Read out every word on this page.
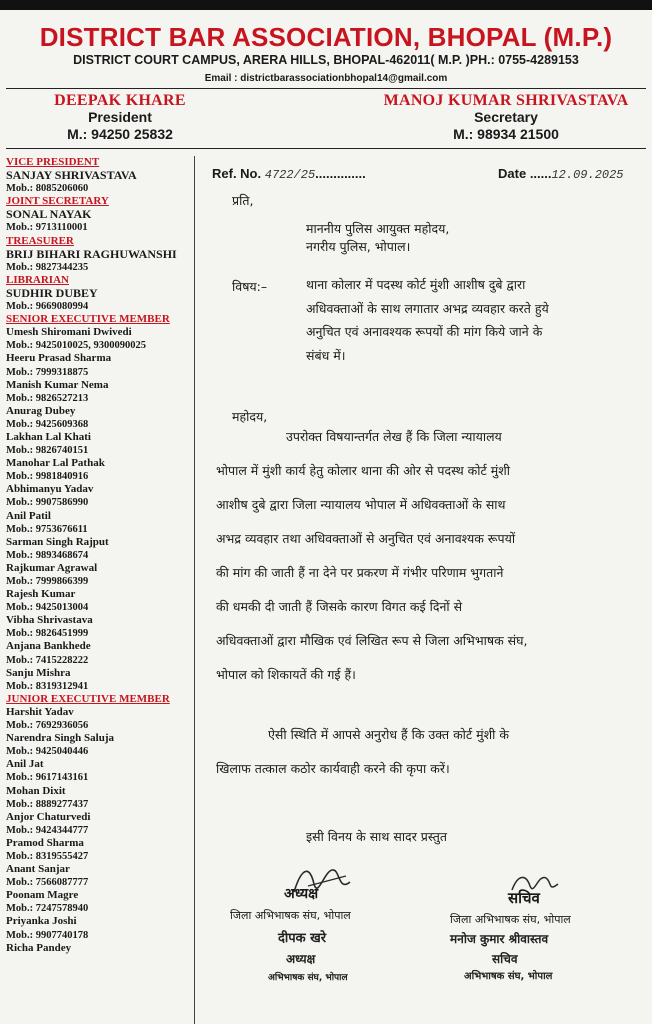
DISTRICT BAR ASSOCIATION, BHOPAL (M.P.)
DISTRICT COURT CAMPUS, ARERA HILLS, BHOPAL-462011( M.P. )PH.: 0755-4289153
Email : districtbarassociationbhopal14@gmail.com
DEEPAK KHARE
President
M.: 94250 25832
MANOJ KUMAR SHRIVASTAVA
Secretary
M.: 98934 21500
VICE PRESIDENT
SANJAY SHRIVASTAVA
Mob.: 8085206060
JOINT SECRETARY
SONAL NAYAK
Mob.: 9713110001
TREASURER
BRIJ BIHARI RAGHUWANSHI
Mob.: 9827344235
LIBRARIAN
SUDHIR DUBEY
Mob.: 9669080994
SENIOR EXECUTIVE MEMBER
Umesh Shiromani Dwivedi
Mob.: 9425010025, 9300090025
Heeru Prasad Sharma
Mob.: 7999318875
Manish Kumar Nema
Mob.: 9826527213
Anurag Dubey
Mob.: 9425609368
Lakhan Lal Khati
Mob.: 9826740151
Manohar Lal Pathak
Mob.: 9981840916
Abhimanyu Yadav
Mob.: 9907586990
Anil Patil
Mob.: 9753676611
Sarman Singh Rajput
Mob.: 9893468674
Rajkumar Agrawal
Mob.: 7999866399
Rajesh Kumar
Mob.: 9425013004
Vibha Shrivastava
Mob.: 9826451999
Anjana Bankhede
Mob.: 7415228222
Sanju Mishra
Mob.: 8319312941
JUNIOR EXECUTIVE MEMBER
Harshit Yadav
Mob.: 7692936056
Narendra Singh Saluja
Mob.: 9425040446
Anil Jat
Mob.: 9617143161
Mohan Dixit
Mob.: 8889277437
Anjor Chaturvedi
Mob.: 9424344777
Pramod Sharma
Mob.: 8319555427
Anant Sanjar
Mob.: 7566087777
Poonam Magre
Mob.: 7247578940
Priyanka Joshi
Mob.: 9907740178
Richa Pandey
Ref. No. 4722/25..............	Date ......12.09.2025
प्रति,
माननीय पुलिस आयुक्त महोदय,
नगरीय पुलिस, भोपाल।
विषय:–	थाना कोलार में पदस्थ कोर्ट मुंशी आशीष दुबे द्वारा
अधिवक्ताओं के साथ लगातार अभद्र व्यवहार करते हुये
अनुचित एवं अनावश्यक रूपयों की मांग किये जाने के
संबंध में।
महोदय,
उपरोक्त विषयान्तर्गत लेख हैं कि जिला न्यायालय
भोपाल में मुंशी कार्य हेतु कोलार थाना की ओर से पदस्थ कोर्ट मुंशी
आशीष दुबे द्वारा जिला न्यायालय भोपाल में अधिवक्ताओं के साथ
अभद्र व्यवहार तथा अधिवक्ताओं से अनुचित एवं अनावश्यक रूपयों
की मांग की जाती हैं ना देने पर प्रकरण में गंभीर परिणाम भुगताने
की धमकी दी जाती हैं जिसके कारण विगत कई दिनों से
अधिवक्ताओं द्वारा मौखिक एवं लिखित रूप से जिला अभिभाषक संघ,
भोपाल को शिकायतें की गई हैं।
ऐसी स्थिति में आपसे अनुरोध हैं कि उक्त कोर्ट मुंशी के
खिलाफ तत्काल कठोर कार्यवाही करने की कृपा करें।
इसी विनय के साथ सादर प्रस्तुत
अध्यक्ष
जिला अभिभाषक संघ, भोपाल
दीपक खरे
अध्यक्ष
अभिभाषक संघ, भोपाल
सचिव
जिला अभिभाषक संघ, भोपाल
मनोज कुमार श्रीवास्तव
सचिव
अभिभाषक संघ, भोपाल
